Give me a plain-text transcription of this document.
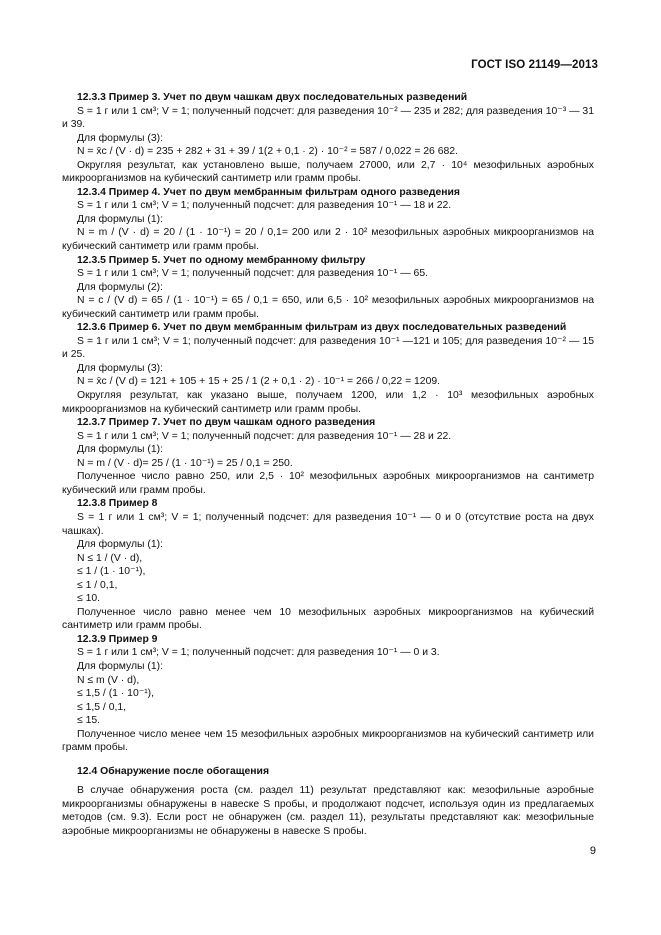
ГОСТ ISO 21149—2013

12.3.3 Пример 3. Учет по двум чашкам двух последовательных разведений

S = 1 г или 1 см³; V = 1; полученный подсчет: для разведения 10⁻² — 235 и 282; для разведения 10⁻³ — 31 и 39.

Для формулы (3):

N = x̄c / (V · d) = 235 + 282 + 31 + 39 / 1(2 + 0,1 · 2) · 10⁻² = 587 / 0,022 = 26 682.

Округляя результат, как установлено выше, получаем 27000, или 2,7 · 10⁴ мезофильных аэробных микроорганизмов на кубический сантиметр или грамм пробы.

12.3.4 Пример 4. Учет по двум мембранным фильтрам одного разведения

S = 1 г или 1 см³; V = 1; полученный подсчет: для разведения 10⁻¹ — 18 и 22.

Для формулы (1):

N = m / (V · d) = 20 / (1 · 10⁻¹) = 20 / 0,1= 200 или 2 · 10² мезофильных аэробных микроорганизмов на кубический сантиметр или грамм пробы.

12.3.5 Пример 5. Учет по одному мембранному фильтру

S = 1 г или 1 см³; V = 1; полученный подсчет: для разведения 10⁻¹ — 65.

Для формулы (2):

N = c / (V d) = 65 / (1 · 10⁻¹) = 65 / 0,1 = 650, или 6,5 · 10² мезофильных аэробных микроорганизмов на кубический сантиметр или грамм пробы.

12.3.6 Пример 6. Учет по двум мембранным фильтрам из двух последовательных разведений

S = 1 г или 1 см³; V = 1; полученный подсчет: для разведения 10⁻¹ —121 и 105; для разведения 10⁻² — 15 и 25.

Для формулы (3):

N = x̄c / (V d) = 121 + 105 + 15 + 25 / 1 (2 + 0,1 · 2) · 10⁻¹ = 266 / 0,22 = 1209.

Округляя результат, как указано выше, получаем 1200, или 1,2 · 10³ мезофильных аэробных микроорганизмов на кубический сантиметр или грамм пробы.

12.3.7 Пример 7. Учет по двум чашкам одного разведения

S = 1 г или 1 см³; V = 1; полученный подсчет: для разведения 10⁻¹ — 28 и 22.

Для формулы (1):

N = m / (V · d)= 25 / (1 · 10⁻¹) = 25 / 0,1 = 250.

Полученное число равно 250, или 2,5 · 10² мезофильных аэробных микроорганизмов на сантиметр кубический или грамм пробы.

12.3.8 Пример 8

S = 1 г или 1 см³; V = 1; полученный подсчет: для разведения 10⁻¹ — 0 и 0 (отсутствие роста на двух чашках).

Для формулы (1):

N ≤ 1 / (V · d),

≤ 1 / (1 · 10⁻¹),

≤ 1 / 0,1,

≤ 10.

Полученное число равно менее чем 10 мезофильных аэробных микроорганизмов на кубический сантиметр или грамм пробы.

12.3.9 Пример 9

S = 1 г или 1 см³; V = 1; полученный подсчет: для разведения 10⁻¹ — 0 и 3.

Для формулы (1):

N ≤ m (V · d),

≤ 1,5 / (1 · 10⁻¹),

≤ 1,5 / 0,1,

≤ 15.

Полученное число менее чем 15 мезофильных аэробных микроорганизмов на кубический сантиметр или грамм пробы.

12.4 Обнаружение после обогащения

В случае обнаружения роста (см. раздел 11) результат представляют как: мезофильные аэробные микроорганизмы обнаружены в навеске S пробы, и продолжают подсчет, используя один из предлагаемых методов (см. 9.3). Если рост не обнаружен (см. раздел 11), результаты представляют как: мезофильные аэробные микроорганизмы не обнаружены в навеске S пробы.

9
